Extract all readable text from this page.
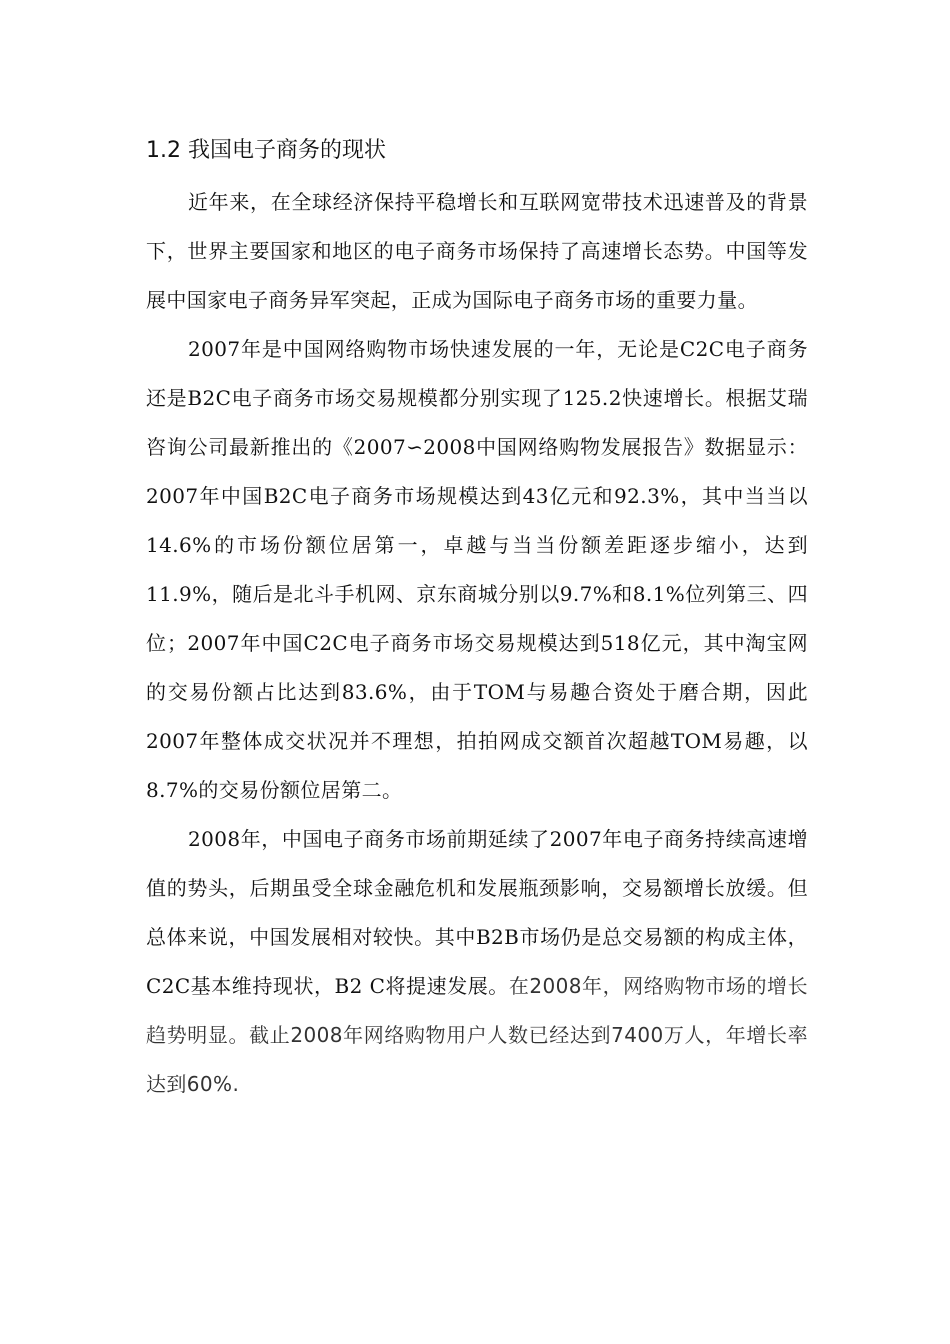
1.2 我国电子商务的现状

近年来，在全球经济保持平稳增长和互联网宽带技术迅速普及的背景下，世界主要国家和地区的电子商务市场保持了高速增长态势。中国等发展中国家电子商务异军突起，正成为国际电子商务市场的重要力量。

2007年是中国网络购物市场快速发展的一年，无论是C2C电子商务还是B2C电子商务市场交易规模都分别实现了125.2快速增长。根据艾瑞咨询公司最新推出的《2007∽2008中国网络购物发展报告》数据显示：2007年中国B2C电子商务市场规模达到43亿元和92.3%，其中当当以14.6%的市场份额位居第一，卓越与当当份额差距逐步缩小，达到11.9%，随后是北斗手机网、京东商城分别以9.7%和8.1%位列第三、四位；2007年中国C2C电子商务市场交易规模达到518亿元，其中淘宝网的交易份额占比达到83.6%，由于TOM与易趣合资处于磨合期，因此2007年整体成交状况并不理想，拍拍网成交额首次超越TOM易趣，以8.7%的交易份额位居第二。

2008年，中国电子商务市场前期延续了2007年电子商务持续高速增值的势头，后期虽受全球金融危机和发展瓶颈影响，交易额增长放缓。但总体来说，中国发展相对较快。其中B2B市场仍是总交易额的构成主体，C2C基本维持现状，B2 C将提速发展。在2008年，网络购物市场的增长趋势明显。截止2008年网络购物用户人数已经达到7400万人，年增长率达到60%.
